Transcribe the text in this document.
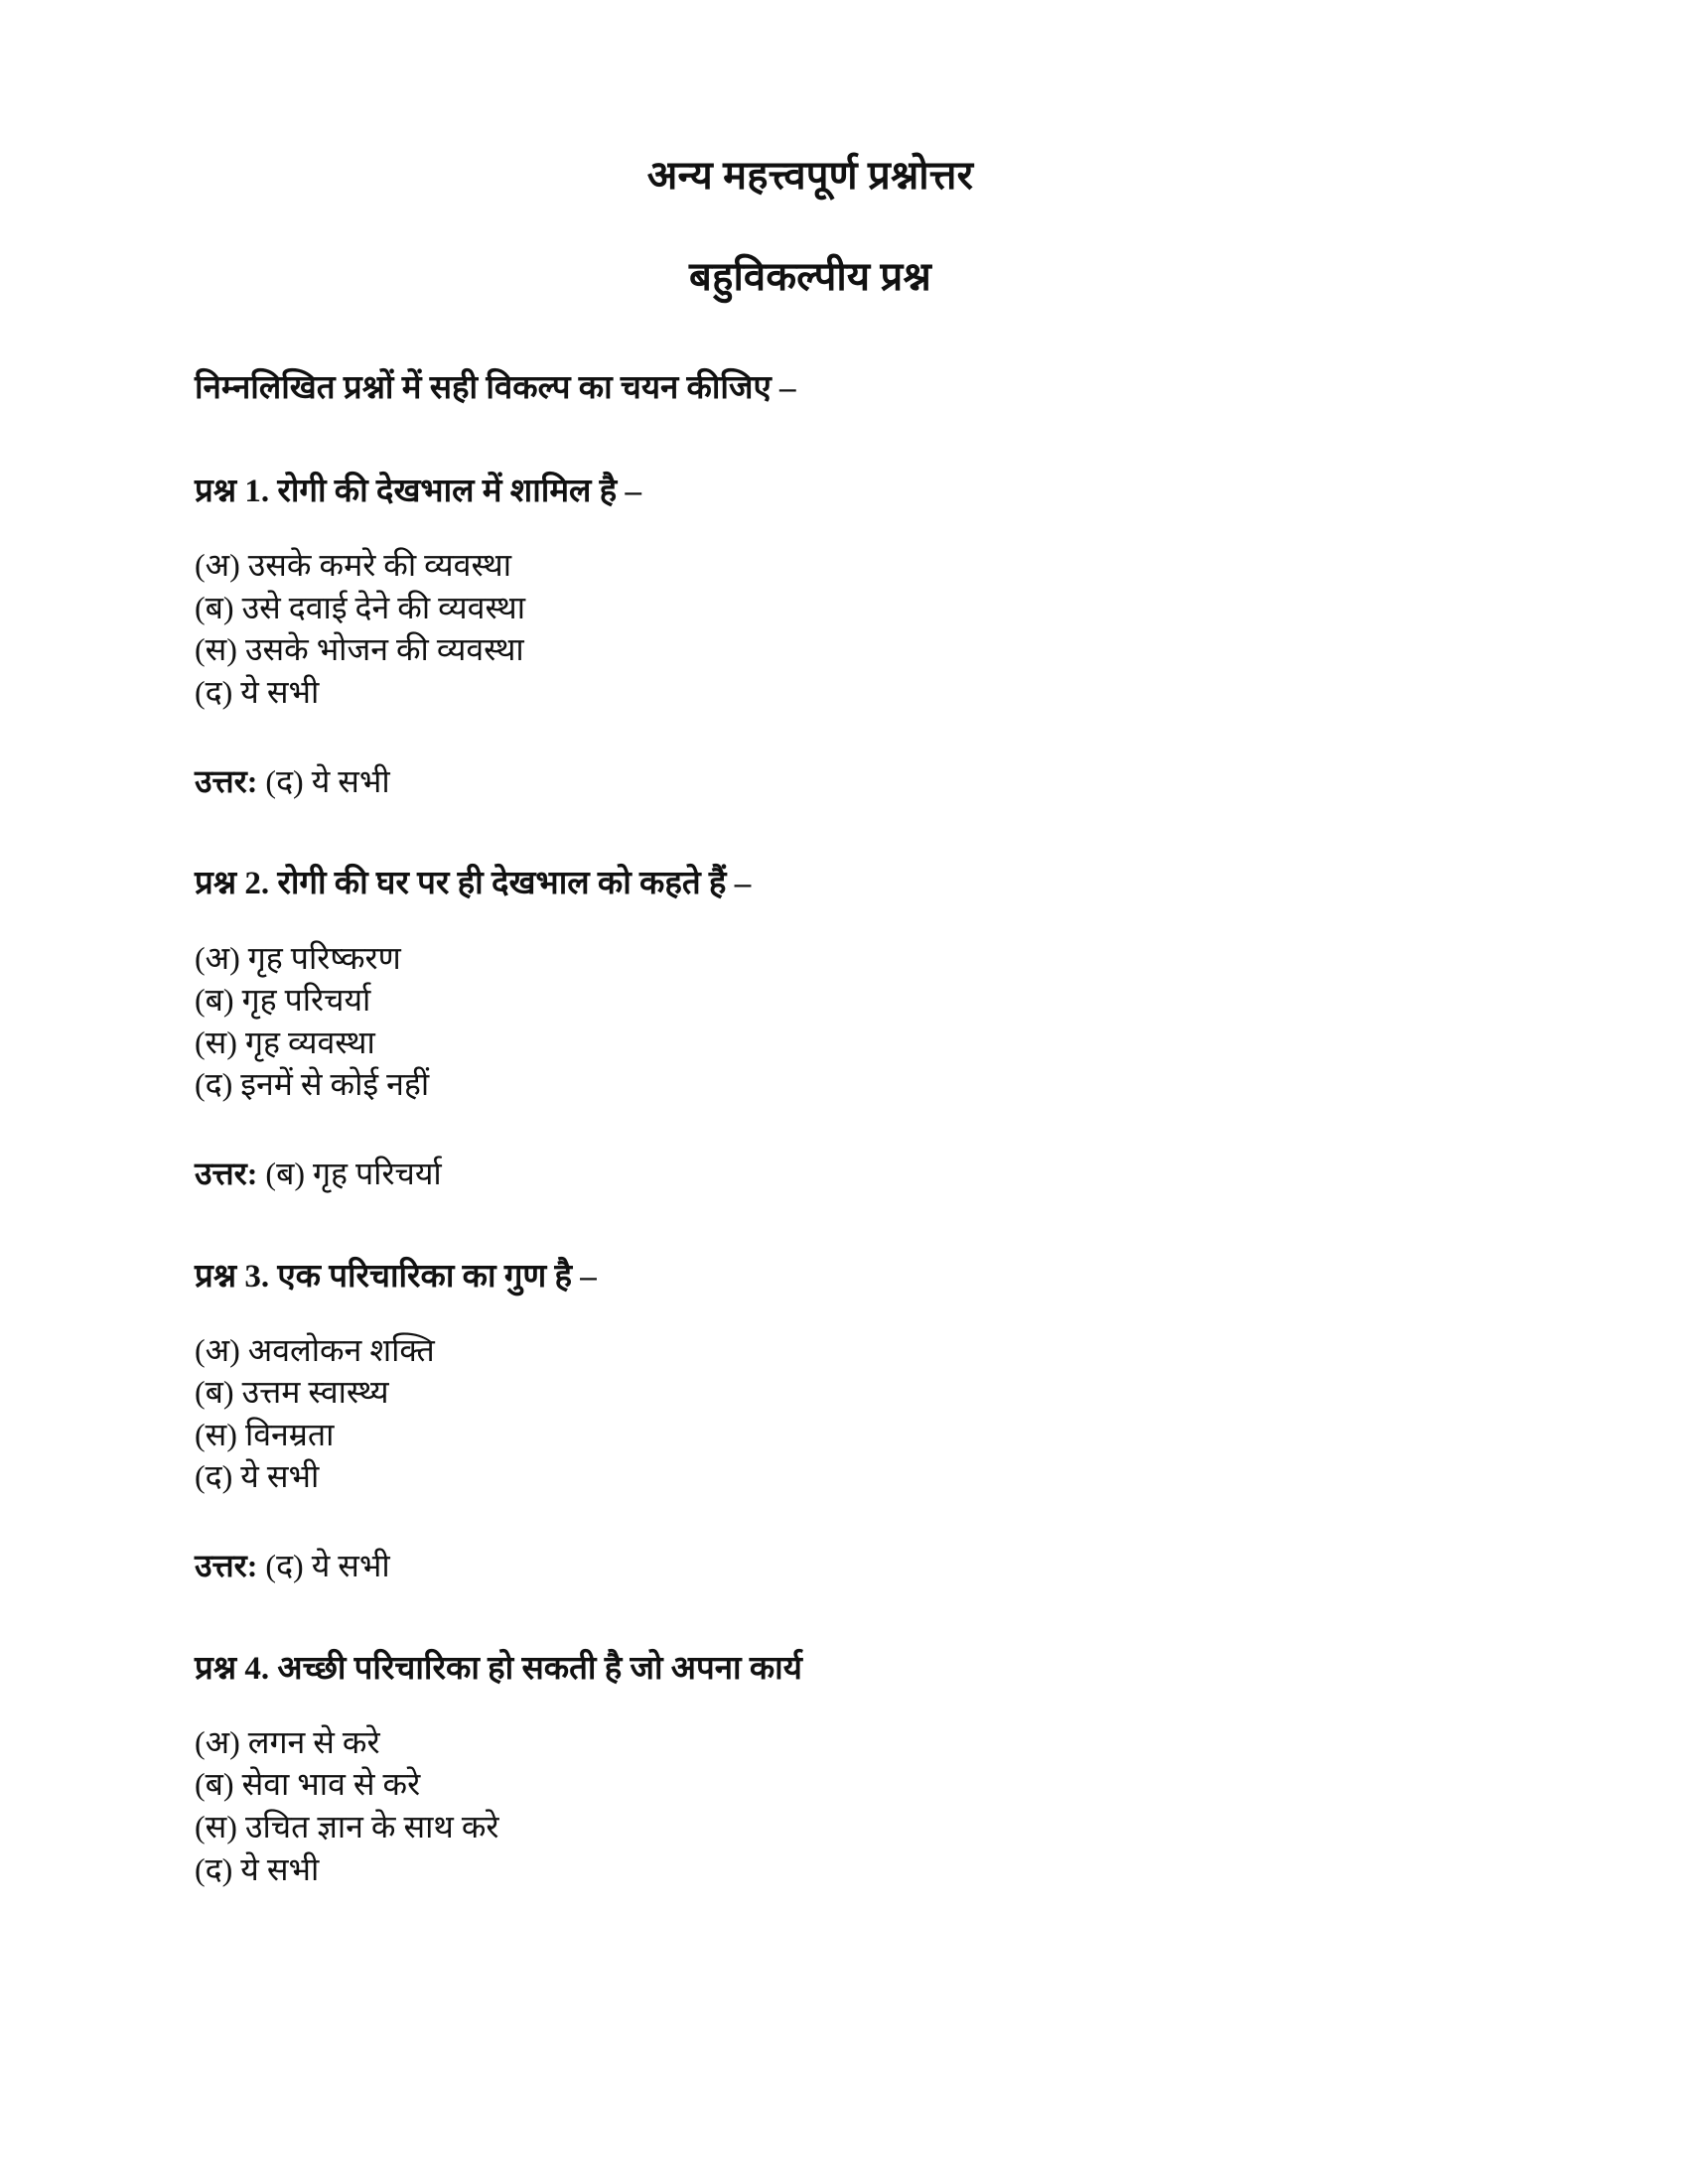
अन्य महत्त्वपूर्ण प्रश्नोत्तर
बहुविकल्पीय प्रश्न

निम्नलिखित प्रश्नों में सही विकल्प का चयन कीजिए –

प्रश्न 1. रोगी की देखभाल में शामिल है –

(अ) उसके कमरे की व्यवस्था
(ब) उसे दवाई देने की व्यवस्था
(स) उसके भोजन की व्यवस्था
(द) ये सभी

उत्तर: (द) ये सभी

प्रश्न 2. रोगी की घर पर ही देखभाल को कहते हैं –

(अ) गृह परिष्करण
(ब) गृह परिचर्या
(स) गृह व्यवस्था
(द) इनमें से कोई नहीं

उत्तर: (ब) गृह परिचर्या

प्रश्न 3. एक परिचारिका का गुण है –

(अ) अवलोकन शक्ति
(ब) उत्तम स्वास्थ्य
(स) विनम्रता
(द) ये सभी

उत्तर: (द) ये सभी

प्रश्न 4. अच्छी परिचारिका हो सकती है जो अपना कार्य

(अ) लगन से करे
(ब) सेवा भाव से करे
(स) उचित ज्ञान के साथ करे
(द) ये सभी
